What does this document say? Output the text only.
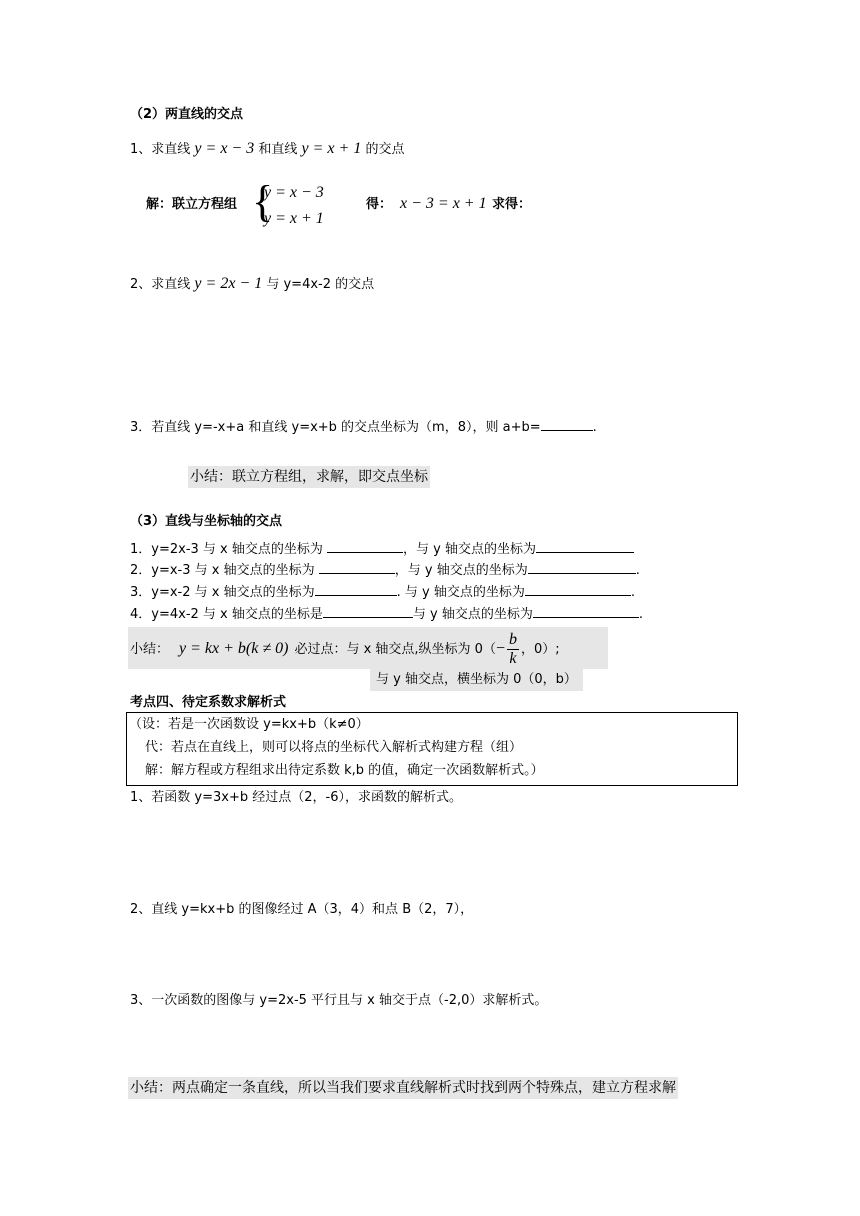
（2）两直线的交点
1、求直线 y = x − 3 和直线 y = x + 1 的交点
解：联立方程组 {
y = x − 3
y = x + 1
得： x − 3 = x + 1 求得：
2、求直线 y = 2x − 1 与 y=4x-2 的交点
3．若直线 y=-x+a 和直线 y=x+b 的交点坐标为（m，8），则 a+b=	.
小结：联立方程组，求解，即交点坐标
（3）直线与坐标轴的交点
1．y=2x-3 与 x 轴交点的坐标为	，与 y 轴交点的坐标为
2．y=x-3 与 x 轴交点的坐标为	，与 y 轴交点的坐标为	.
3．y=x-2 与 x 轴交点的坐标为	. 与 y 轴交点的坐标为	.
4．y=4x-2 与 x 轴交点的坐标是	与 y 轴交点的坐标为	.
小结： y = kx + b(k ≠ 0) 必过点：与 x 轴交点,纵坐标为 $0( - \frac{b}{k}$ ，0）;
与 y 轴交点，横坐标为 0（0，b）
考点四、待定系数求解析式
（设：若是一次函数设 y=kx+b（k≠0）
代：若点在直线上，则可以将点的坐标代入解析式构建方程（组）
解：解方程或方程组求出待定系数 k,b 的值，确定一次函数解析式。）
1、若函数 y=3x+b 经过点（2，-6），求函数的解析式。
2、直线 y=kx+b 的图像经过 A（3，4）和点 B（2，7），
3、一次函数的图像与 y=2x-5 平行且与 x 轴交于点（-2,0）求解析式。
小结：两点确定一条直线，所以当我们要求直线解析式时找到两个特殊点，建立方程求解
